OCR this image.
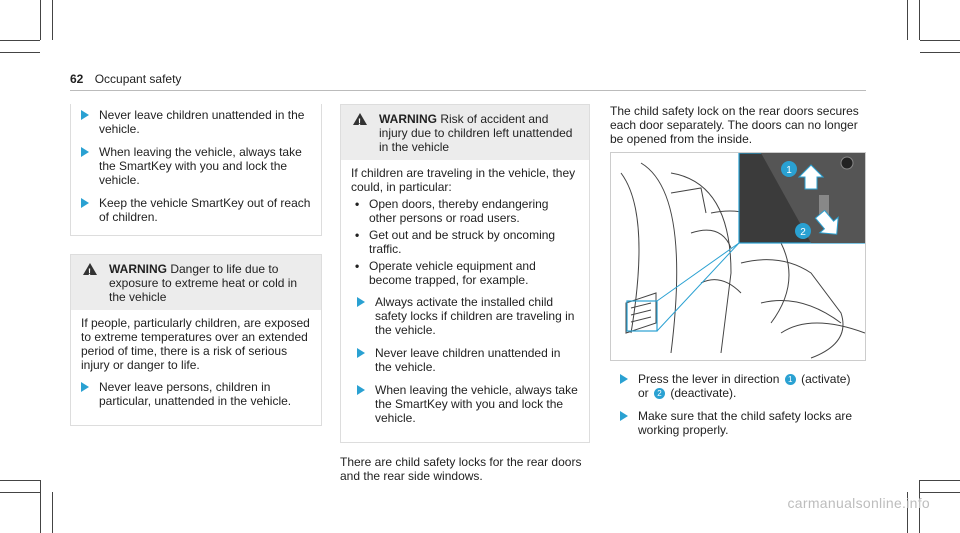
62 Occupant safety
Never leave children unattended in the vehicle.
When leaving the vehicle, always take the SmartKey with you and lock the vehicle.
Keep the vehicle SmartKey out of reach of children.
!
WARNING Danger to life due to exposure to extreme heat or cold in the vehicle

If people, particularly children, are exposed to extreme temperatures over an extended period of time, there is a risk of serious injury or danger to life.

Never leave persons, children in particular, unattended in the vehicle.
!
WARNING Risk of accident and injury due to children left unattended in the vehicle
If children are traveling in the vehicle, they could, in particular:
• Open doors, thereby endangering other persons or road users.
• Get out and be struck by oncoming traffic.
• Operate vehicle equipment and become trapped, for example.
Always activate the installed child safety locks if children are traveling in the vehicle.
Never leave children unattended in the vehicle.
When leaving the vehicle, always take the SmartKey with you and lock the vehicle.

There are child safety locks for the rear doors and the rear side windows.

The child safety lock on the rear doors secures each door separately. The doors can no longer be opened from the inside.

1
2
Press the lever in direction 1 (activate) or 2 (deactivate).
Make sure that the child safety locks are working properly.
carmanualsonline.info
